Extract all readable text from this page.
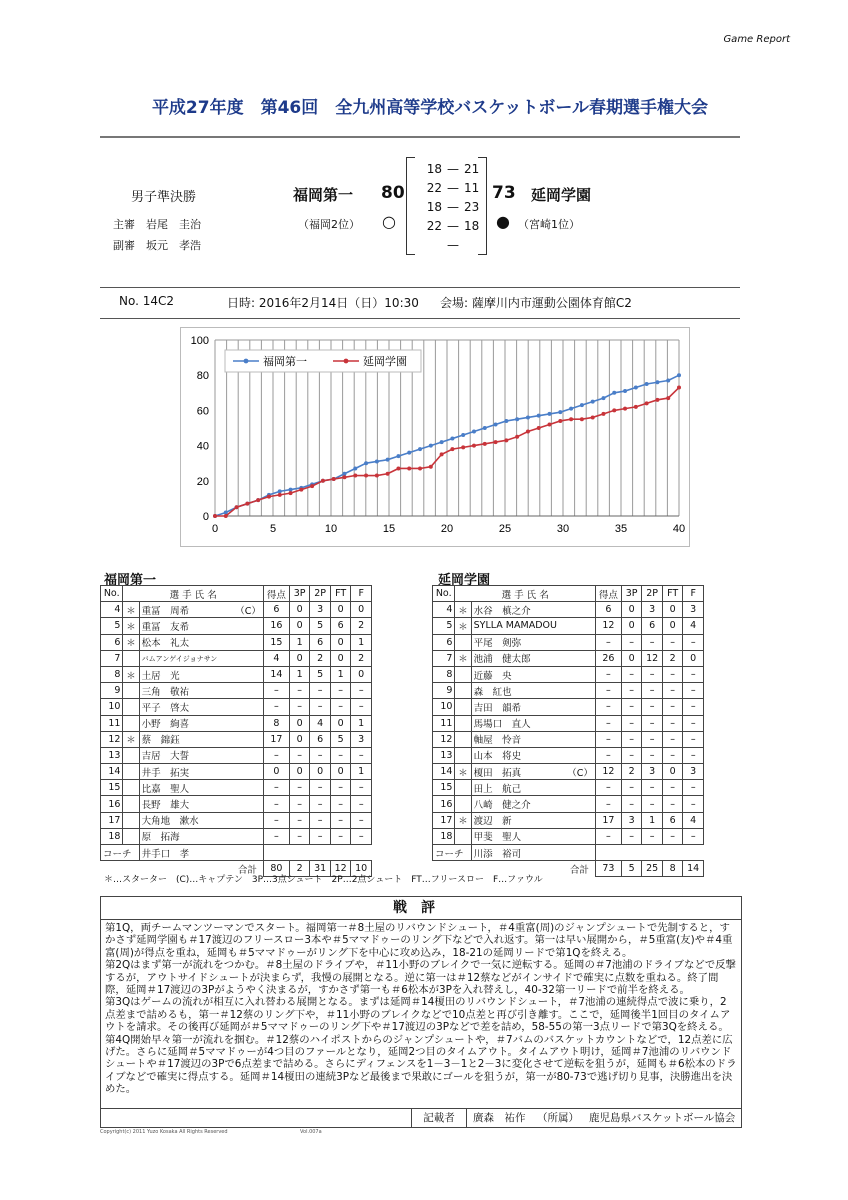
Game Report
平成27年度　第46回　全九州高等学校バスケットボール春期選手権大会
男子準決勝
主審 岩尾　圭治
副審 坂元　孝浩
福岡第一 80
（福岡2位） ○
18 — 21
22 — 11
18 — 23
22 — 18
—
73 延岡学園
● （宮崎1位）
No. 14C2	日時: 2016年2月14日（日）10:30 会場: 薩摩川内市運動公園体育館C2
0
20
40
60
80
100
0	5	10	15	20	25	30	35	40
福岡第一	延岡学園
福岡第一	延岡学園
No.	選 手 氏 名		得点	3P	2P	FT	F
4	＊	重冨　周希 （C）	6	0	3	0	0
5	＊	重冨　友希	16	0	5	6	2
6	＊	松本　礼太	15	1	6	0	1
7		バムアンゲイジョナサン	4	0	2	0	2
8	＊	土居　光	14	1	5	1	0
9		三角　敬祐	–	–	–	–	–
10		平子　啓太	–	–	–	–	–
11		小野　絢喜	8	0	4	0	1
12	＊	蔡　錦鈺	17	0	6	5	3
13		吉居　大誓	–	–	–	–	–
14		井手　拓実	0	0	0	0	1
15		比嘉　聖人	–	–	–	–	–
16		長野　雄大	–	–	–	–	–
17		大角地　漱水	–	–	–	–	–
18		原　拓海	–	–	–	–	–
コーチ		井手口　孝					
合計			80	2	31	12	10
No.	選 手 氏 名		得点	3P	2P	FT	F
4	＊	水谷　槙之介	6	0	3	0	3
5	＊	SYLLA MAMADOU	12	0	6	0	4
6		平尾　剣弥	–	–	–	–	–
7	＊	池浦　健太郎	26	0	12	2	0
8		近藤　央	–	–	–	–	–
9		森　紅也	–	–	–	–	–
10		吉田　韻希	–	–	–	–	–
11		馬場口　直人	–	–	–	–	–
12		軸屋　怜音	–	–	–	–	–
13		山本　将史	–	–	–	–	–
14	＊	榎田　拓真 （C）	12	2	3	0	3
15		田上　航己	–	–	–	–	–
16		八崎　健之介	–	–	–	–	–
17	＊	渡辺　新	17	3	1	6	4
18		甲斐　聖人	–	–	–	–	–
コーチ		川添　裕司					
合計			73	5	25	8	14
＊…スターター　(C)…キャプテン　3P…3点シュート　2P…2点シュート　FT…フリースロー　F…ファウル
戦評
第1Q，両チームマンツーマンでスタート。福岡第一＃8土屋のリバウンドシュート，＃4重富(周)のジャンプシュートで先制すると，すかさず延岡学園も＃17渡辺のフリースロー3本や＃5ママドゥーのリング下などで入れ返す。第一は早い展開から，＃5重富(友)や＃4重富(周)が得点を重ね，延岡も＃5ママドゥーがリング下を中心に攻め込み，18-21の延岡リードで第1Qを終える。
第2Qはまず第一が流れをつかむ。＃8土屋のドライブや，＃11小野のブレイクで一気に逆転する。延岡の＃7池浦のドライブなどで反撃するが，アウトサイドシュートが決まらず，我慢の展開となる。逆に第一は＃12蔡などがインサイドで確実に点数を重ねる。終了間際，延岡＃17渡辺の3Pがようやく決まるが，すかさず第一も＃6松本が3Pを入れ替えし，40-32第一リードで前半を終える。
第3Qはゲームの流れが相互に入れ替わる展開となる。まずは延岡＃14榎田のリバウンドシュート，＃7池浦の連続得点で波に乗り，2点差まで詰めるも，第一＃12蔡のリング下や，＃11小野のブレイクなどで10点差と再び引き離す。ここで，延岡後半1回目のタイムアウトを請求。その後再び延岡が＃5ママドゥーのリング下や＃17渡辺の3Pなどで差を詰め，58-55の第一3点リードで第3Qを終える。
第4Q開始早々第一が流れを掴む。＃12蔡のハイポストからのジャンプシュートや，＃7バムのバスケットカウントなどで，12点差に広げた。さらに延岡＃5ママドゥーが4つ目のファールとなり，延岡2つ目のタイムアウト。タイムアウト明け，延岡＃7池浦のリバウンドシュートや＃17渡辺の3Pで6点差まで詰める。さらにディフェンスを1－3－1と2－3に変化させて逆転を狙うが，延岡も＃6松本のドライブなどで確実に得点する。延岡＃14榎田の連続3Pなど最後まで果敢にゴールを狙うが，第一が80-73で逃げ切り見事，決勝進出を決めた。
記載者	廣森　祐作 （所属） 鹿児島県バスケットボール協会
Copyright(c) 2011 Yuzo Kosaka All Rights Reserved	Vol.007a
